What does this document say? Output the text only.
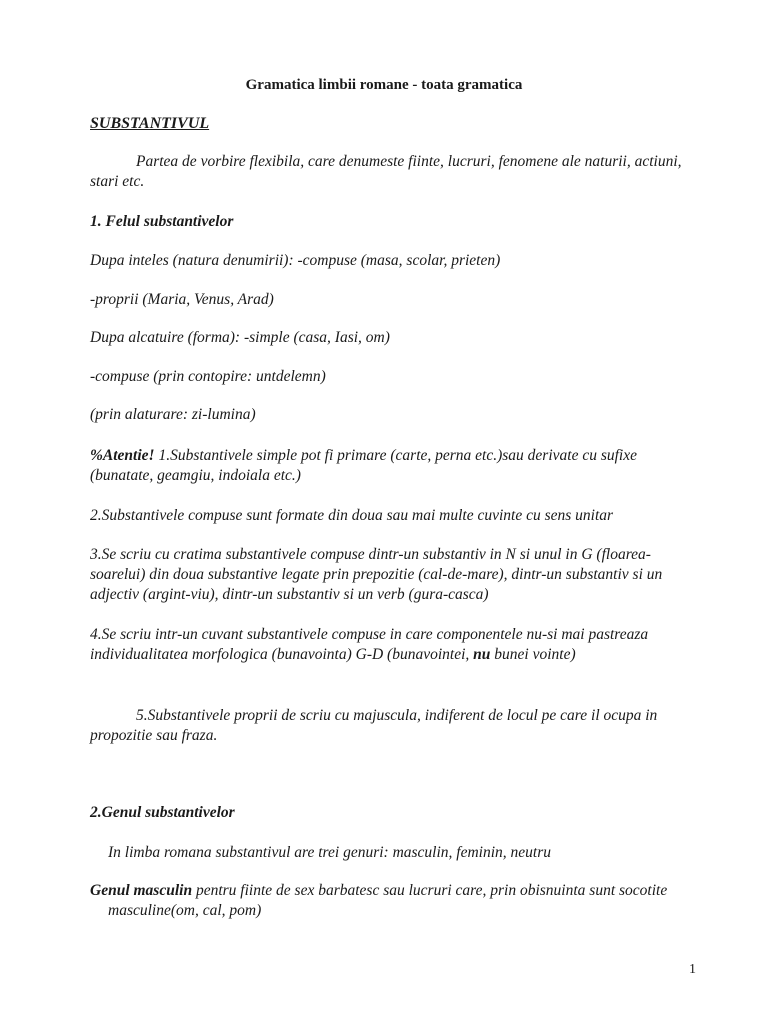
Gramatica limbii romane - toata gramatica

SUBSTANTIVUL

Partea de vorbire flexibila, care denumeste fiinte, lucruri, fenomene ale naturii, actiuni, stari etc.

1. Felul substantivelor

Dupa inteles (natura denumirii): -compuse (masa, scolar, prieten)

-proprii (Maria, Venus, Arad)

Dupa alcatuire (forma): -simple (casa, Iasi, om)

-compuse (prin contopire: untdelemn)

(prin alaturare: zi-lumina)

%Atentie! 1.Substantivele simple pot fi primare (carte, perna etc.)sau derivate cu sufixe (bunatate, geamgiu, indoiala etc.)

2.Substantivele compuse sunt formate din doua sau mai multe cuvinte cu sens unitar

3.Se scriu cu cratima substantivele compuse dintr-un substantiv in N si unul in G (floarea-soarelui) din doua substantive legate prin prepozitie (cal-de-mare), dintr-un substantiv si un adjectiv (argint-viu), dintr-un substantiv si un verb (gura-casca)

4.Se scriu intr-un cuvant substantivele compuse in care componentele nu-si mai pastreaza individualitatea morfologica (bunavointa) G-D (bunavointei, nu bunei vointe)

5.Substantivele proprii de scriu cu majuscula, indiferent de locul pe care il ocupa in propozitie sau fraza.

2.Genul substantivelor

In limba romana substantivul are trei genuri: masculin, feminin, neutru

Genul masculin pentru fiinte de sex barbatesc sau lucruri care, prin obisnuinta sunt socotite masculine(om, cal, pom)

1
